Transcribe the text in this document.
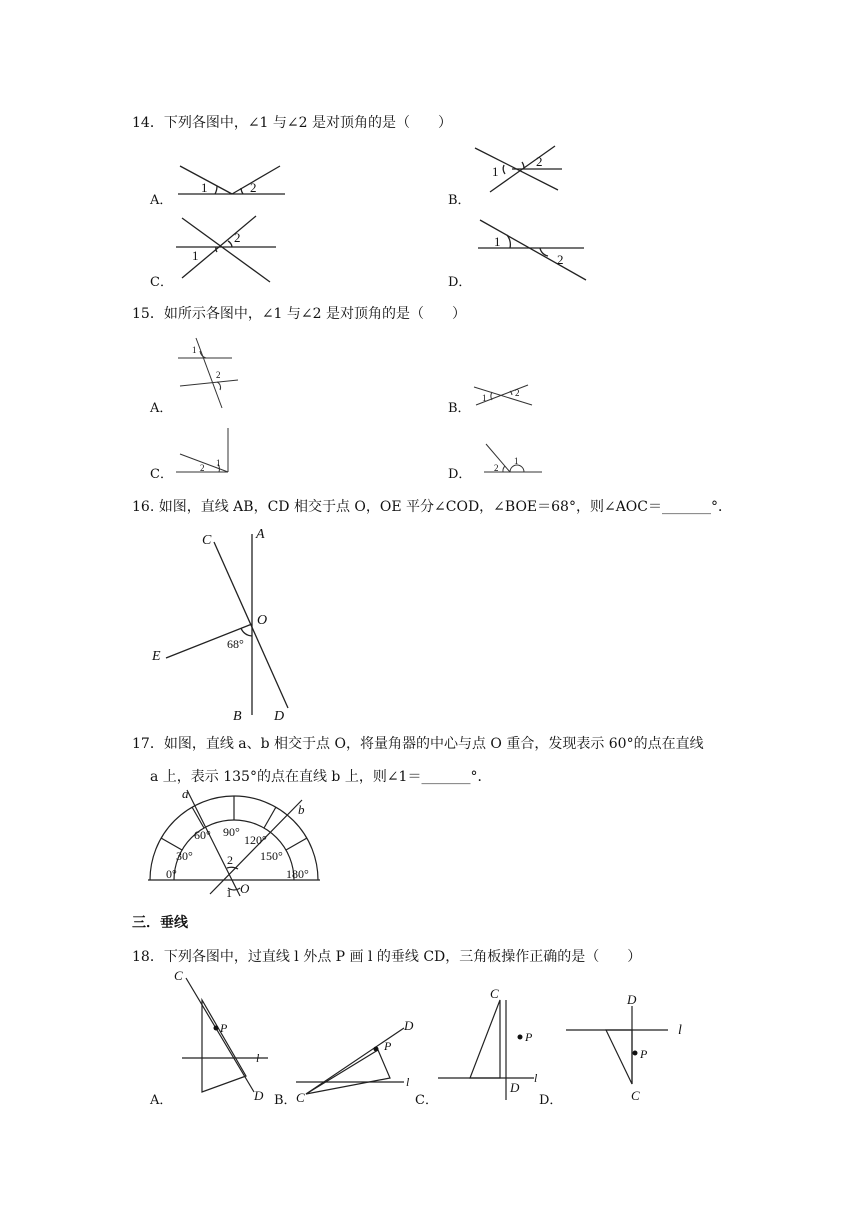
14．下列各图中，∠1 与∠2 是对顶角的是（　　）
A．	B．
C．	D．
1	2
1
2
2
1
1
2
15．如所示各图中，∠1 与∠2 是对顶角的是（　　）
A．	B．
C．	D．
1
2
1	2
1
2	2
1
16. 如图，直线 AB，CD 相交于点 O，OE 平分∠COD，∠BOE＝68°，则∠AOC＝_______°．
C	A
O
E
68°
B D
17．如图，直线 a、b 相交于点 O，将量角器的中心与点 O 重合，发现表示 60°的点在直线
a 上，表示 135°的点在直线 b 上，则∠1＝_______°．
a
b
60° 90°
120°
30°	150°
0°	180°
2
O
1
三．垂线
18．下列各图中，过直线 l 外点 P 画 l 的垂线 CD，三角板操作正确的是（　　）
A．	B．	C．	D．
C
P
l
D	C
P
D
l
C
P
D
l
D
P
l
C
